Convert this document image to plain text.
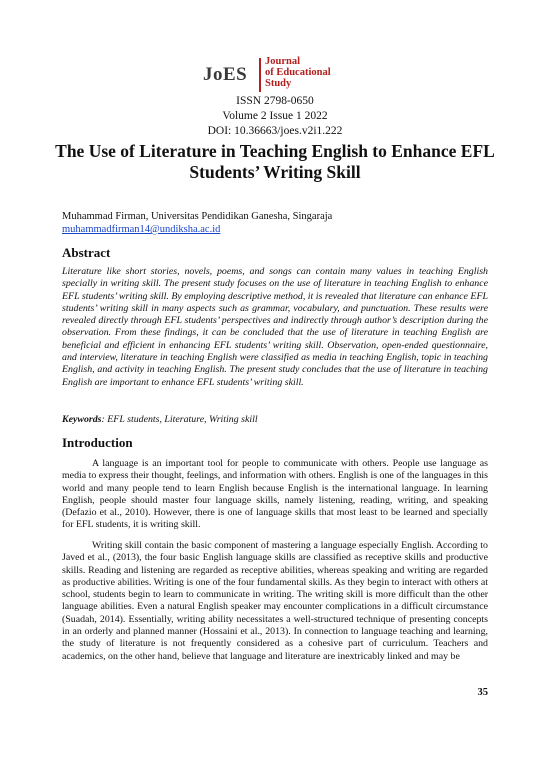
JoES
Journal
of Educational
Study
ISSN 2798-0650
Volume 2 Issue 1 2022
DOI: 10.36663/joes.v2i1.222
The Use of Literature in Teaching English to Enhance EFL Students’ Writing Skill
Muhammad Firman, Universitas Pendidikan Ganesha, Singaraja
muhammadfirman14@undiksha.ac.id
Abstract
Literature like short stories, novels, poems, and songs can contain many values in teaching English specially in writing skill. The present study focuses on the use of literature in teaching English to enhance EFL students’ writing skill. By employing descriptive method, it is revealed that literature can enhance EFL students’ writing skill in many aspects such as grammar, vocabulary, and punctuation. These results were revealed directly through EFL students’ perspectives and indirectly through author’s description during the observation. From these findings, it can be concluded that the use of literature in teaching English are beneficial and efficient in enhancing EFL students’ writing skill. Observation, open-ended questionnaire, and interview, literature in teaching English were classified as media in teaching English, topic in teaching English, and activity in teaching English. The present study concludes that the use of literature in teaching English are important to enhance EFL students’ writing skill.
Keywords: EFL students, Literature, Writing skill
Introduction
A language is an important tool for people to communicate with others. People use language as media to express their thought, feelings, and information with others. English is one of the languages in this world and many people tend to learn English because English is the international language. In learning English, people should master four language skills, namely listening, reading, writing, and speaking (Defazio et al., 2010). However, there is one of language skills that most least to be learned and specially for EFL students, it is writing skill.
Writing skill contain the basic component of mastering a language especially English. According to Javed et al., (2013), the four basic English language skills are classified as receptive skills and productive skills. Reading and listening are regarded as receptive abilities, whereas speaking and writing are regarded as productive abilities. Writing is one of the four fundamental skills. As they begin to interact with others at school, students begin to learn to communicate in writing. The writing skill is more difficult than the other language abilities. Even a natural English speaker may encounter complications in a difficult circumstance (Suadah, 2014). Essentially, writing ability necessitates a well-structured technique of presenting concepts in an orderly and planned manner (Hossaini et al., 2013). In connection to language teaching and learning, the study of literature is not frequently considered as a cohesive part of curriculum. Teachers and academics, on the other hand, believe that language and literature are inextricably linked and may be
35
